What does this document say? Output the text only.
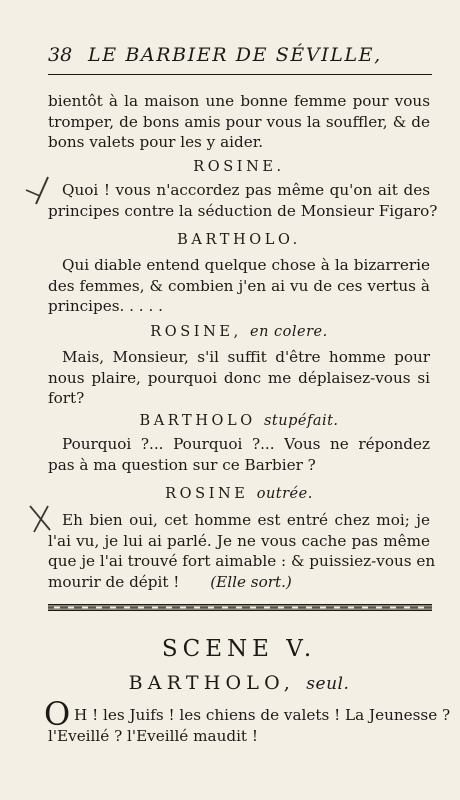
38 LE BARBIER DE SÉVILLE,
bientôt à la maison une bonne femme pour vous
tromper, de bons amis pour vous la souffler, & de
bons valets pour les y aider.
ROSINE.
Quoi ! vous n'accordez pas même qu'on ait des
principes contre la séduction de Monsieur Figaro?
BARTHOLO.
Qui diable entend quelque chose à la bizarrerie
des femmes, & combien j'en ai vu de ces vertus à
principes. . . . .
ROSINE, en colere.
Mais, Monsieur, s'il suffit d'être homme pour
nous plaire, pourquoi donc me déplaisez-vous si
fort?
BARTHOLO stupéfait.
Pourquoi ?... Pourquoi ?... Vous ne répondez
pas à ma question sur ce Barbier ?
ROSINE outrée.
Eh bien oui, cet homme est entré chez moi; je
l'ai vu, je lui ai parlé. Je ne vous cache pas même
que je l'ai trouvé fort aimable : & puissiez-vous en
mourir de dépit ! (Elle sort.)
SCENE V.
BARTHOLO, seul.
O H ! les Juifs ! les chiens de valets ! La Jeunesse ?
l'Eveillé ? l'Eveillé maudit !
